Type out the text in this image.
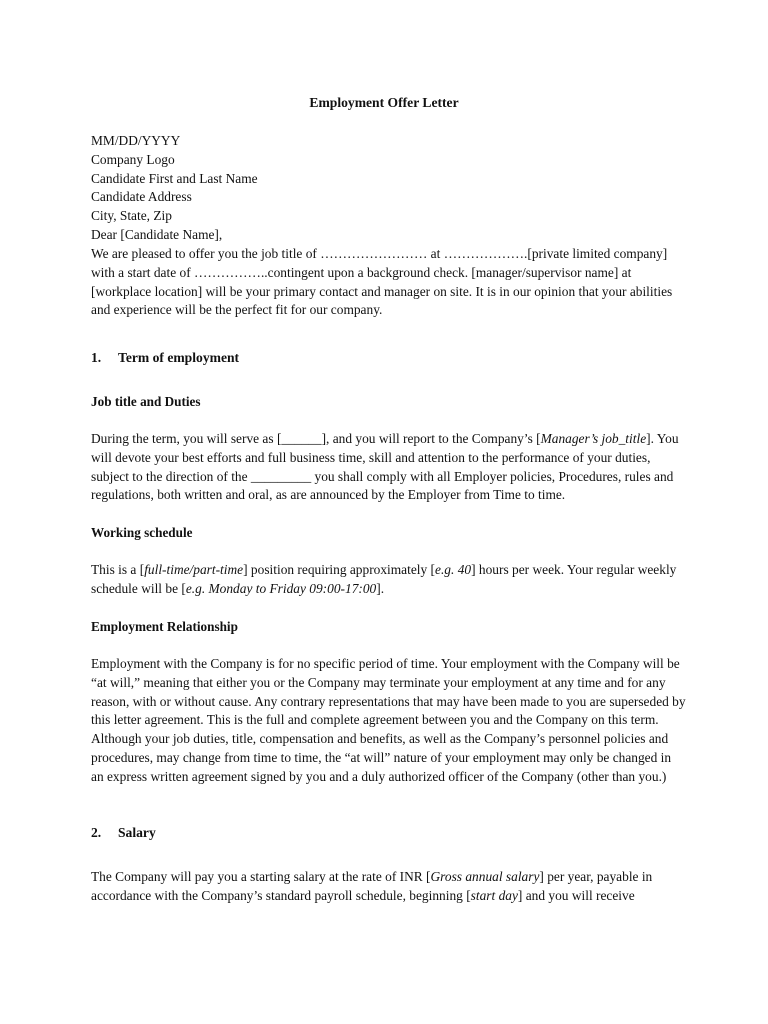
Employment Offer Letter
MM/DD/YYYY
Company Logo
Candidate First and Last Name
Candidate Address
City, State, Zip
Dear [Candidate Name],

We are pleased to offer you the job title of …………………… at ……………….[private limited company] with a start date of ……………..contingent upon a background check. [manager/supervisor name] at [workplace location] will be your primary contact and manager on site. It is in our opinion that your abilities and experience will be the perfect fit for our company.

1. Term of employment
Job title and Duties

During the term, you will serve as [______], and you will report to the Company’s [Manager’s job_title]. You will devote your best efforts and full business time, skill and attention to the performance of your duties, subject to the direction of the _________ you shall comply with all Employer policies, Procedures, rules and regulations, both written and oral, as are announced by the Employer from Time to time.

Working schedule

This is a [full-time/part-time] position requiring approximately [e.g. 40] hours per week. Your regular weekly schedule will be [e.g. Monday to Friday 09:00-17:00].

Employment Relationship

Employment with the Company is for no specific period of time. Your employment with the Company will be “at will,” meaning that either you or the Company may terminate your employment at any time and for any reason, with or without cause. Any contrary representations that may have been made to you are superseded by this letter agreement. This is the full and complete agreement between you and the Company on this term. Although your job duties, title, compensation and benefits, as well as the Company’s personnel policies and procedures, may change from time to time, the “at will” nature of your employment may only be changed in an express written agreement signed by you and a duly authorized officer of the Company (other than you.)

2. Salary

The Company will pay you a starting salary at the rate of INR [Gross annual salary] per year, payable in accordance with the Company’s standard payroll schedule, beginning [start day] and you will receive
